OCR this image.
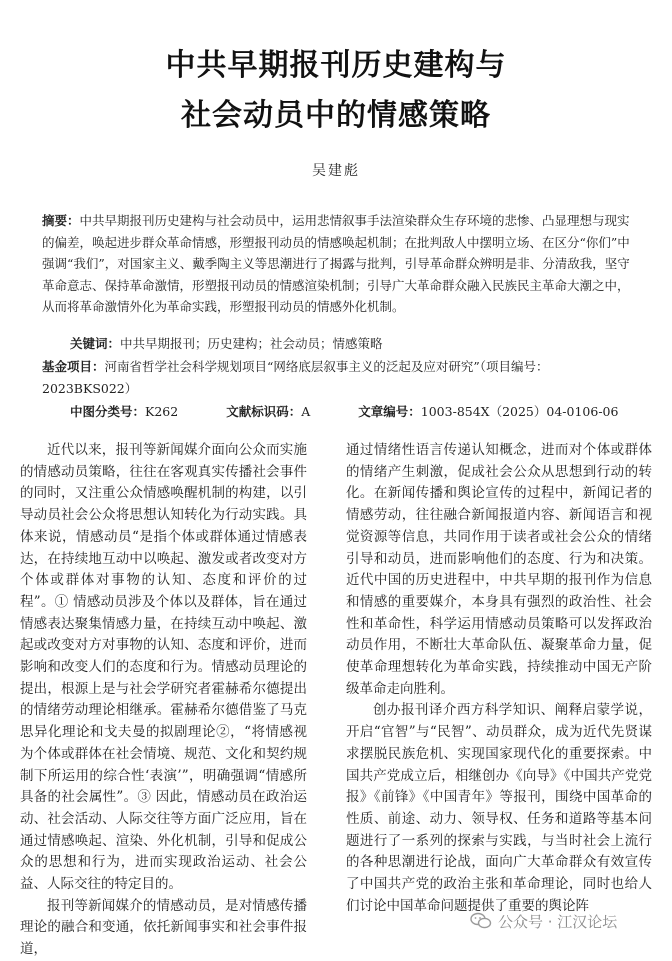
中共早期报刊历史建构与
社会动员中的情感策略
吴建彪
摘要：中共早期报刊历史建构与社会动员中，运用悲情叙事手法渲染群众生存环境的悲惨、凸显理想与现实的偏差，唤起进步群众革命情感，形塑报刊动员的情感唤起机制；在批判敌人中摆明立场、在区分“你们”中强调“我们”，对国家主义、戴季陶主义等思潮进行了揭露与批判，引导革命群众辨明是非、分清敌我，坚守革命意志、保持革命激情，形塑报刊动员的情感渲染机制；引导广大革命群众融入民族民主革命大潮之中，从而将革命激情外化为革命实践，形塑报刊动员的情感外化机制。
关键词：中共早期报刊；历史建构；社会动员；情感策略
基金项目：河南省哲学社会科学规划项目“网络底层叙事主义的泛起及应对研究”（项目编号：2023BKS022）
中图分类号：K262	文献标识码：A	文章编号：1003-854X（2025）04-0106-06

近代以来，报刊等新闻媒介面向公众而实施的情感动员策略，往往在客观真实传播社会事件的同时，又注重公众情感唤醒机制的构建，以引导动员社会公众将思想认知转化为行动实践。具体来说，情感动员“是指个体或群体通过情感表达，在持续地互动中以唤起、激发或者改变对方个体或群体对事物的认知、态度和评价的过程”。① 情感动员涉及个体以及群体，旨在通过情感表达聚集情感力量，在持续互动中唤起、激起或改变对方对事物的认知、态度和评价，进而影响和改变人们的态度和行为。情感动员理论的提出，根源上是与社会学研究者霍赫希尔德提出的情绪劳动理论相继承。霍赫希尔德借鉴了马克思异化理论和戈夫曼的拟剧理论②，“将情感视为个体或群体在社会情境、规范、文化和契约规制下所运用的综合性‘表演’”，明确强调“情感所具备的社会属性”。③ 因此，情感动员在政治运动、社会活动、人际交往等方面广泛应用，旨在通过情感唤起、渲染、外化机制，引导和促成公众的思想和行为，进而实现政治运动、社会公益、人际交往的特定目的。

报刊等新闻媒介的情感动员，是对情感传播理论的融合和变通，依托新闻事实和社会事件报道，

通过情绪性语言传递认知概念，进而对个体或群体的情绪产生刺激，促成社会公众从思想到行动的转化。在新闻传播和舆论宣传的过程中，新闻记者的情感劳动，往往融合新闻报道内容、新闻语言和视觉资源等信息，共同作用于读者或社会公众的情绪引导和动员，进而影响他们的态度、行为和决策。近代中国的历史进程中，中共早期的报刊作为信息和情感的重要媒介，本身具有强烈的政治性、社会性和革命性，科学运用情感动员策略可以发挥政治动员作用，不断壮大革命队伍、凝聚革命力量，促使革命理想转化为革命实践，持续推动中国无产阶级革命走向胜利。

创办报刊译介西方科学知识、阐释启蒙学说，开启“官智”与“民智”、动员群众，成为近代先贤谋求摆脱民族危机、实现国家现代化的重要探索。中国共产党成立后，相继创办《向导》《中国共产党党报》《前锋》《中国青年》等报刊，围绕中国革命的性质、前途、动力、领导权、任务和道路等基本问题进行了一系列的探索与实践，与当时社会上流行的各种思潮进行论战，面向广大革命群众有效宣传了中国共产党的政治主张和革命理论，同时也给人们讨论中国革命问题提供了重要的舆论阵

公众号 · 江汉论坛
